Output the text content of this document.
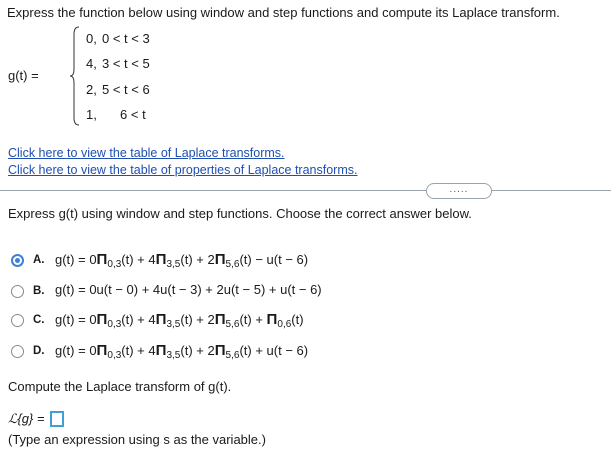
Express the function below using window and step functions and compute its Laplace transform.
g(t) =
0, 0 < t < 3
4, 3 < t < 5
2, 5 < t < 6
1, 6 < t
Click here to view the table of Laplace transforms.
Click here to view the table of properties of Laplace transforms.
.....
Express g(t) using window and step functions. Choose the correct answer below.
A. $g(t) = 0\Pi_{0,3}(t) + 4\Pi_{3,5}(t) + 2\Pi_{5,6}(t) - u(t - 6)$
B. g(t) = 0u(t − 0) + 4u(t − 3) + 2u(t − 5) + u(t − 6)
C. $g(t) = 0\Pi_{0,3}(t) + 4\Pi_{3,5}(t) + 2\Pi_{5,6}(t) + \Pi_{0,6}(t)$
D. $g(t) = 0\Pi_{0,3}(t) + 4\Pi_{3,5}(t) + 2\Pi_{5,6}(t) + u(t - 6)$
Compute the Laplace transform of g(t).
ℒ{g} =
(Type an expression using s as the variable.)
